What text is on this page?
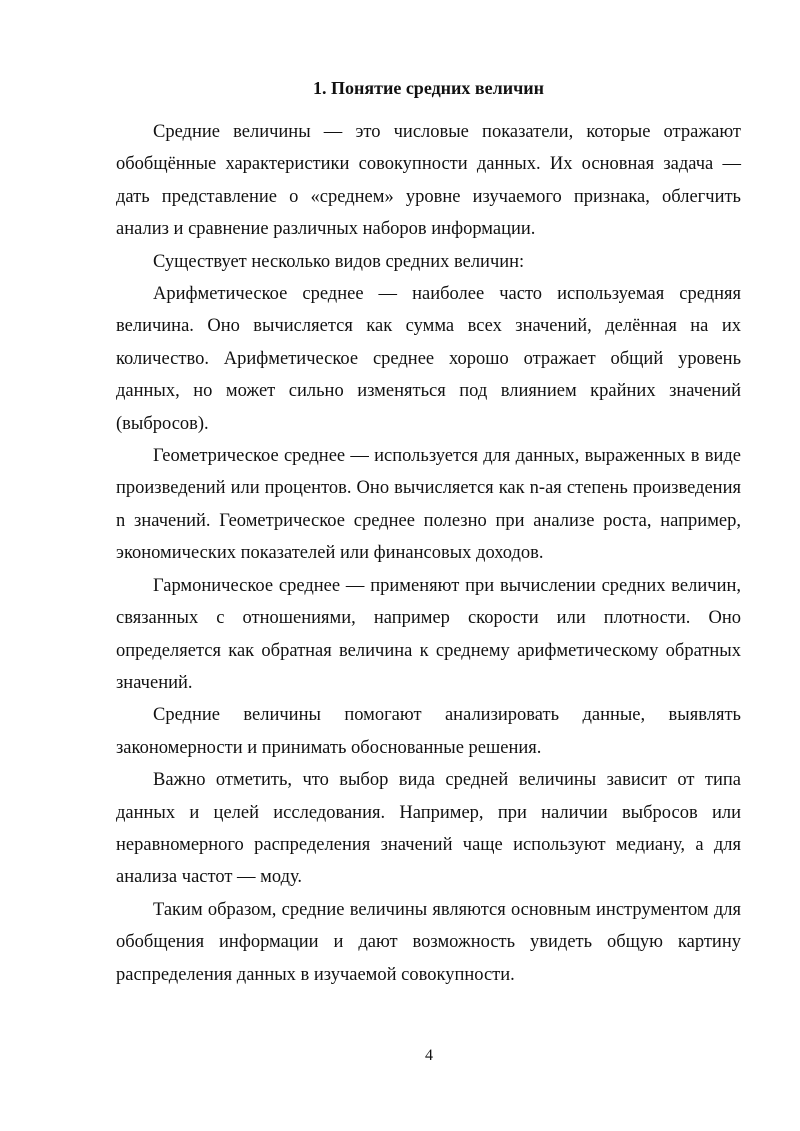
1. Понятие средних величин

Средние величины — это числовые показатели, которые отражают обобщённые характеристики совокупности данных. Их основная задача — дать представление о «среднем» уровне изучаемого признака, облегчить анализ и сравнение различных наборов информации.

Существует несколько видов средних величин:

Арифметическое среднее — наиболее часто используемая средняя величина. Оно вычисляется как сумма всех значений, делённая на их количество. Арифметическое среднее хорошо отражает общий уровень данных, но может сильно изменяться под влиянием крайних значений (выбросов).

Геометрическое среднее — используется для данных, выраженных в виде произведений или процентов. Оно вычисляется как n-ая степень произведения n значений. Геометрическое среднее полезно при анализе роста, например, экономических показателей или финансовых доходов.

Гармоническое среднее — применяют при вычислении средних величин, связанных с отношениями, например скорости или плотности. Оно определяется как обратная величина к среднему арифметическому обратных значений.

Средние величины помогают анализировать данные, выявлять закономерности и принимать обоснованные решения.

Важно отметить, что выбор вида средней величины зависит от типа данных и целей исследования. Например, при наличии выбросов или неравномерного распределения значений чаще используют медиану, а для анализа частот — моду.

Таким образом, средние величины являются основным инструментом для обобщения информации и дают возможность увидеть общую картину распределения данных в изучаемой совокупности.

4
